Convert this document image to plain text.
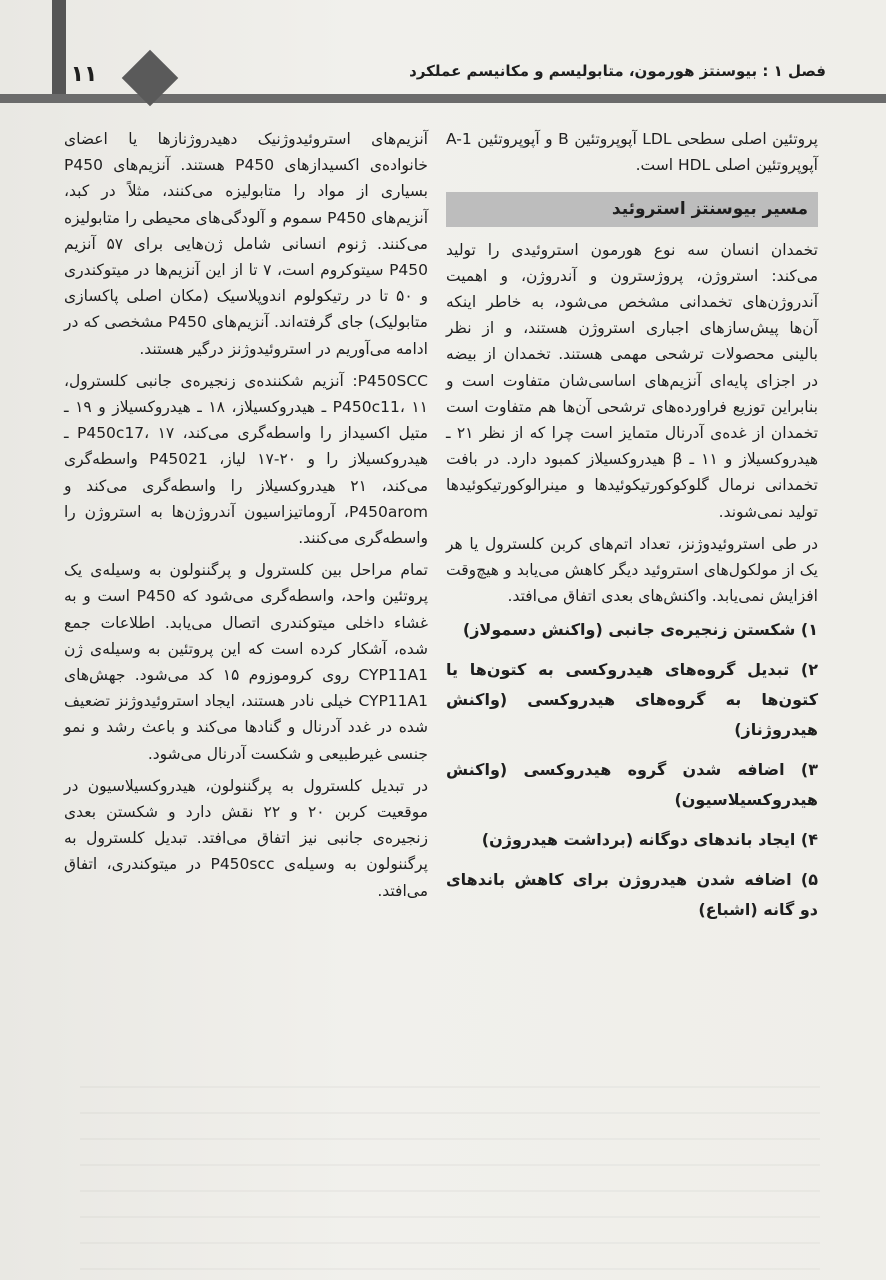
۱۱	فصل ۱ : بیوسنتز هورمون، متابولیسم و مکانیسم عملکرد

پروتئین اصلی سطحی LDL آپوپروتئین B و آپوپروتئین A-1 آپوپروتئین اصلی HDL است.

مسیر بیوسنتز استروئید

تخمدان انسان سه نوع هورمون استروئیدی را تولید می‌کند: استروژن، پروژسترون و آندروژن، و اهمیت آندروژن‌های تخمدانی مشخص می‌شود، به خاطر اینکه آن‌ها پیش‌سازهای اجباری استروژن هستند، و از نظر بالینی محصولات ترشحی مهمی هستند. تخمدان از بیضه در اجزای پایه‌ای آنزیم‌های اساسی‌شان متفاوت است و بنابراین توزیع فراورده‌های ترشحی آن‌ها هم متفاوت است تخمدان از غده‌ی آدرنال متمایز است چرا که از نظر ۲۱ ـ هیدروکسیلاز و ۱۱ ـ β هیدروکسیلاز کمبود دارد. در بافت تخمدانی نرمال گلوکوکورتیکوئیدها و مینرالوکورتیکوئیدها تولید نمی‌شوند.

در طی استروئیدوژنز، تعداد اتم‌های کربن کلسترول یا هر یک از مولکول‌های استروئید دیگر کاهش می‌یابد و هیچ‌وقت افزایش نمی‌یابد. واکنش‌های بعدی اتفاق می‌افتد.

۱) شکستن زنجیره‌ی جانبی (واکنش دسمولاز)
۲) تبدیل گروه‌های هیدروکسی به کتون‌ها یا کتون‌ها به گروه‌های هیدروکسی (واکنش هیدروژناز)
۳) اضافه شدن گروه هیدروکسی (واکنش هیدروکسیلاسیون)
۴) ایجاد باندهای دوگانه (برداشت هیدروژن)
۵) اضافه شدن هیدروژن برای کاهش باندهای دو گانه (اشباع)

آنزیم‌های استروئیدوژنیک دهیدروژنازها یا اعضای خانواده‌ی اکسیدازهای P450 هستند. آنزیم‌های P450 بسیاری از مواد را متابولیزه می‌کنند، مثلاً در کبد، آنزیم‌های P450 سموم و آلودگی‌های محیطی را متابولیزه می‌کنند. ژنوم انسانی شامل ژن‌هایی برای ۵۷ آنزیم P450 سیتوکروم است، ۷ تا از این آنزیم‌ها در میتوکندری و ۵۰ تا در رتیکولوم اندوپلاسیک (مکان اصلی پاکسازی متابولیک) جای گرفته‌اند. آنزیم‌های P450 مشخصی که در ادامه می‌آوریم در استروئیدوژنز درگیر هستند.

P450SCC: آنزیم شکننده‌ی زنجیره‌ی جانبی کلسترول، P450c11، ۱۱ ـ هیدروکسیلاز، ۱۸ ـ هیدروکسیلاز و ۱۹ ـ متیل اکسیداز را واسطه‌گری می‌کند، P450c17، ۱۷ ـ هیدروکسیلاز را و ۲۰-۱۷ لیاز، P45021 واسطه‌گری می‌کند، ۲۱ هیدروکسیلاز را واسطه‌گری می‌کند و P450arom، آروماتیزاسیون آندروژن‌ها به استروژن را واسطه‌گری می‌کنند.

تمام مراحل بین کلسترول و پرگننولون به وسیله‌ی یک پروتئین واحد، واسطه‌گری می‌شود که P450 است و به غشاء داخلی میتوکندری اتصال می‌یابد. اطلاعات جمع شده، آشکار کرده است که این پروتئین به وسیله‌ی ژن CYP11A1 روی کروموزوم ۱۵ کد می‌شود. جهش‌های CYP11A1 خیلی نادر هستند، ایجاد استروئیدوژنز تضعیف شده در غدد آدرنال و گنادها می‌کند و باعث رشد و نمو جنسی غیرطبیعی و شکست آدرنال می‌شود.

در تبدیل کلسترول به پرگننولون، هیدروکسیلاسیون در موقعیت کربن ۲۰ و ۲۲ نقش دارد و شکستن بعدی زنجیره‌ی جانبی نیز اتفاق می‌افتد. تبدیل کلسترول به پرگننولون به وسیله‌ی P450scc در میتوکندری، اتفاق می‌افتد.
